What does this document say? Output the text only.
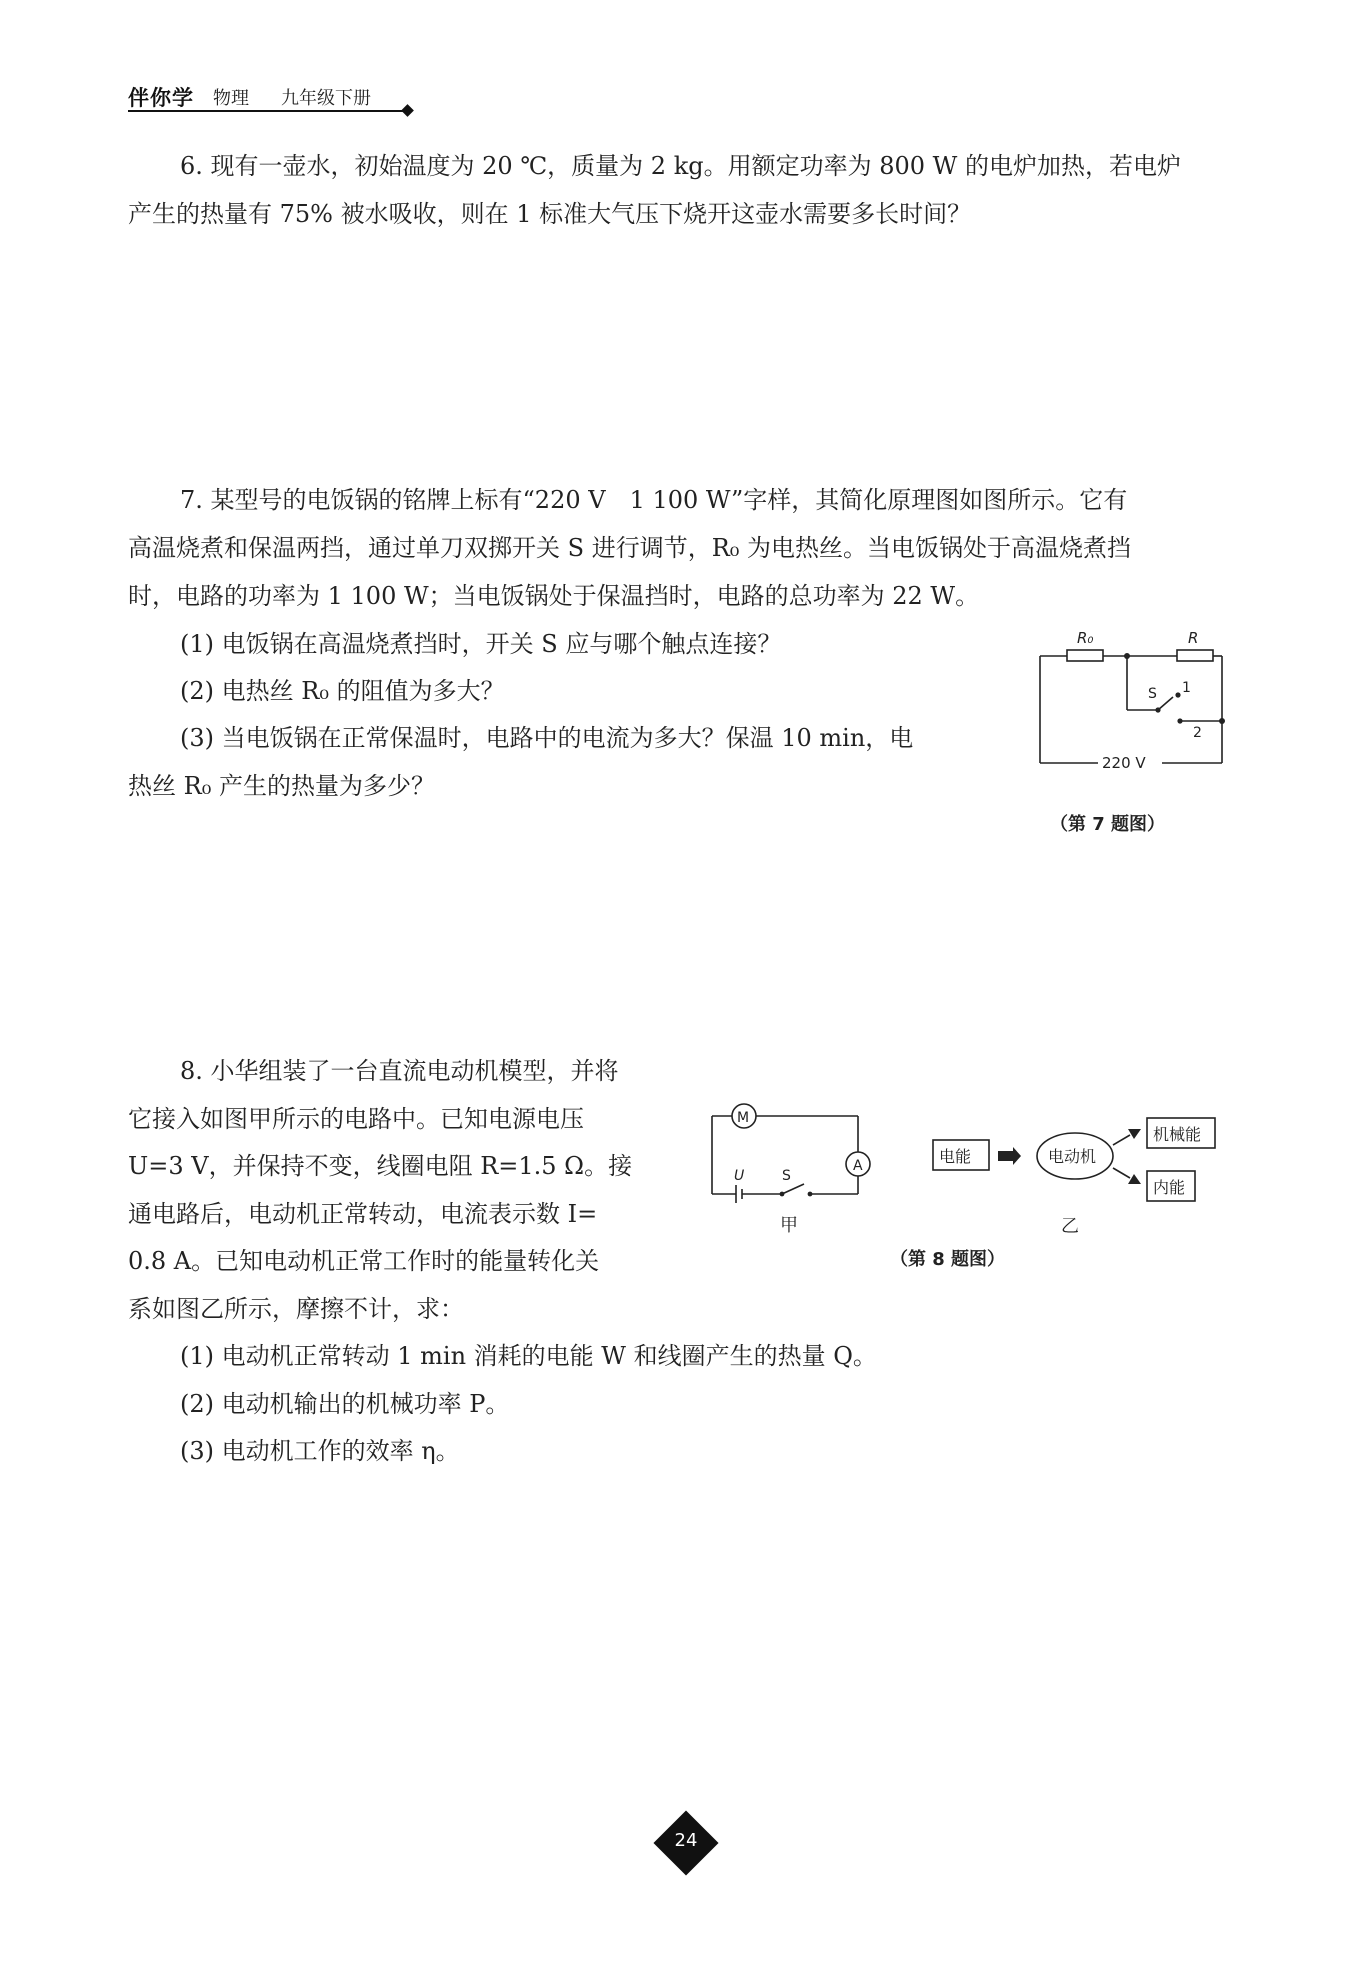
伴你学 物理 九年级下册
6. 现有一壶水，初始温度为 20 ℃，质量为 2 kg。用额定功率为 800 W 的电炉加热，若电炉
产生的热量有 75% 被水吸收，则在 1 标准大气压下烧开这壶水需要多长时间？
7. 某型号的电饭锅的铭牌上标有“220 V　1 100 W”字样，其简化原理图如图所示。它有
高温烧煮和保温两挡，通过单刀双掷开关 S 进行调节，R₀ 为电热丝。当电饭锅处于高温烧煮挡
时，电路的功率为 1 100 W；当电饭锅处于保温挡时，电路的总功率为 22 W。
(1) 电饭锅在高温烧煮挡时，开关 S 应与哪个触点连接？
(2) 电热丝 R₀ 的阻值为多大？
(3) 当电饭锅在正常保温时，电路中的电流为多大？保温 10 min，电
热丝 R₀ 产生的热量为多少？
R₀	R
S 1
2
220 V
（第 7 题图）
8. 小华组装了一台直流电动机模型，并将
它接入如图甲所示的电路中。已知电源电压
U=3 V，并保持不变，线圈电阻 R=1.5 Ω。接
通电路后，电动机正常转动，电流表示数 I=
0.8 A。已知电动机正常工作时的能量转化关
系如图乙所示，摩擦不计，求：
(1) 电动机正常转动 1 min 消耗的电能 W 和线圈产生的热量 Q。
(2) 电动机输出的机械功率 P。
(3) 电动机工作的效率 η。
M
A
U	S
甲
电能	电动机
机械能
内能
乙
（第 8 题图）
24
